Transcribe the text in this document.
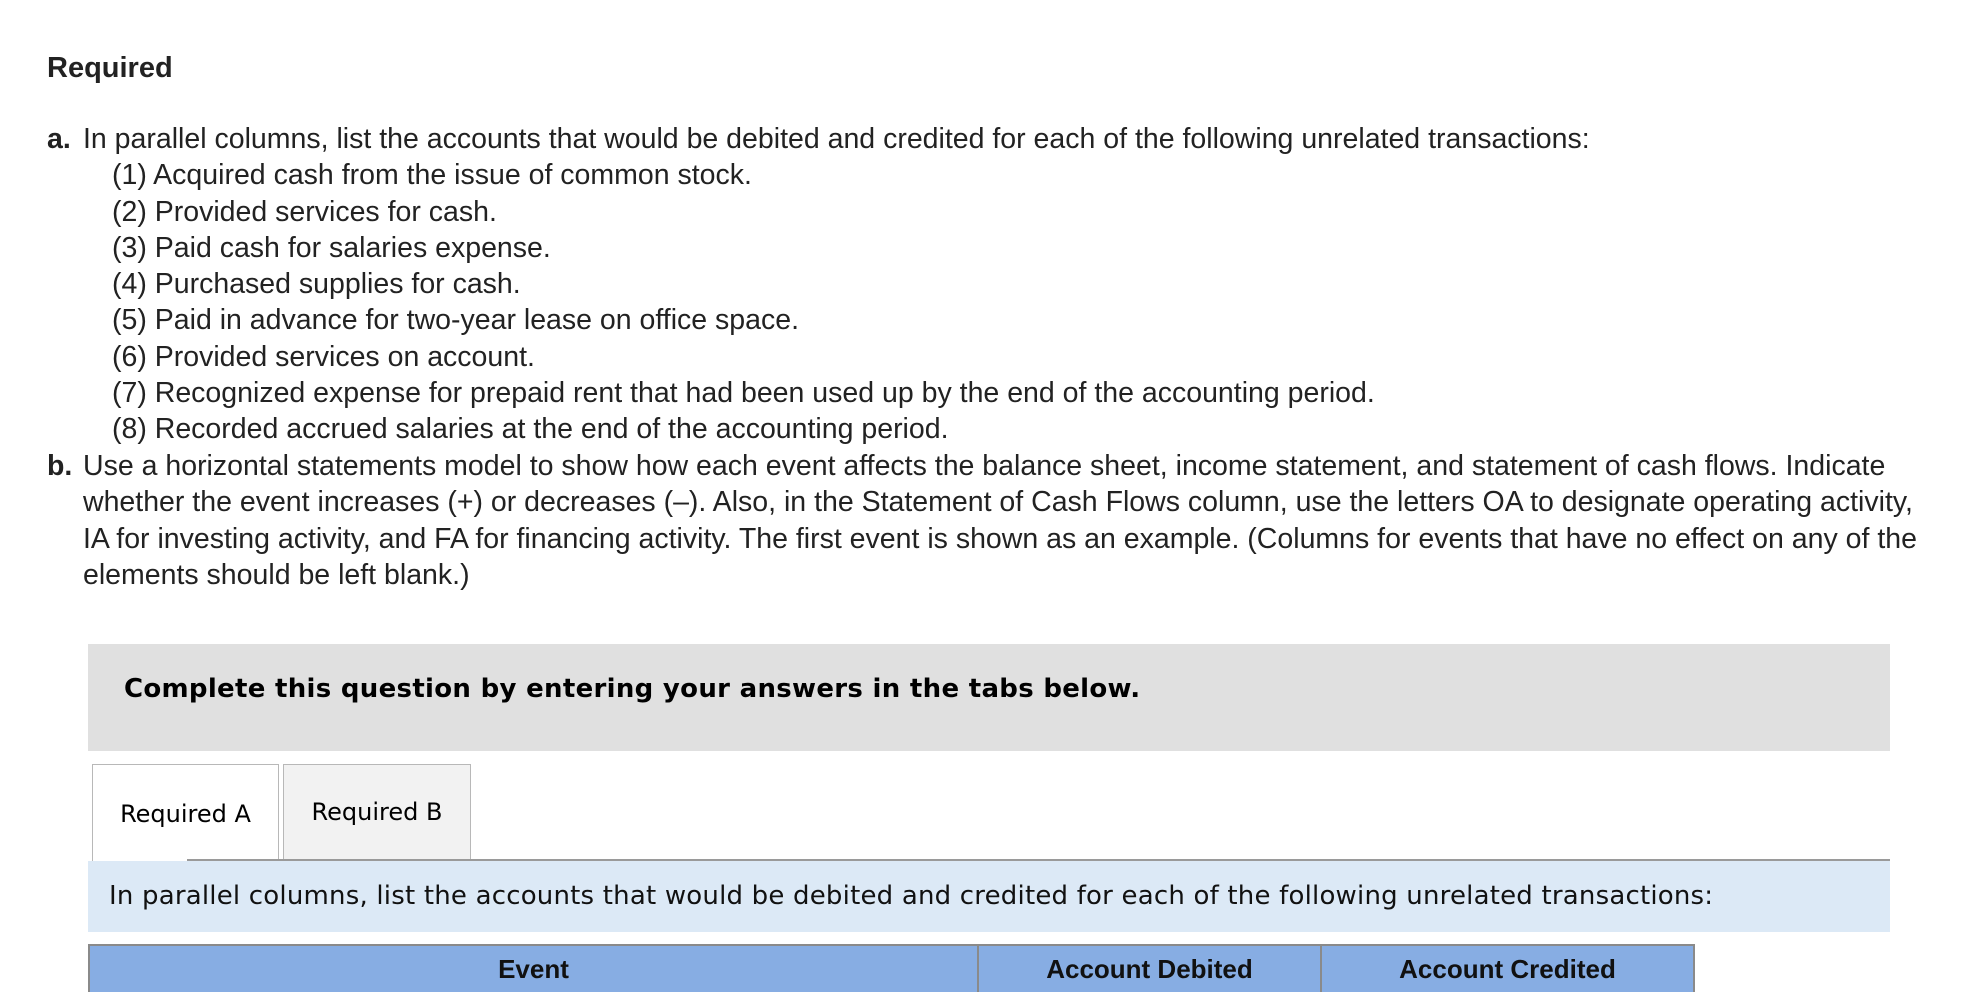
Required
a. In parallel columns, list the accounts that would be debited and credited for each of the following unrelated transactions:
(1) Acquired cash from the issue of common stock.
(2) Provided services for cash.
(3) Paid cash for salaries expense.
(4) Purchased supplies for cash.
(5) Paid in advance for two-year lease on office space.
(6) Provided services on account.
(7) Recognized expense for prepaid rent that had been used up by the end of the accounting period.
(8) Recorded accrued salaries at the end of the accounting period.
b. Use a horizontal statements model to show how each event affects the balance sheet, income statement, and statement of cash flows. Indicate whether the event increases (+) or decreases (–). Also, in the Statement of Cash Flows column, use the letters OA to designate operating activity, IA for investing activity, and FA for financing activity. The first event is shown as an example. (Columns for events that have no effect on any of the elements should be left blank.)
Complete this question by entering your answers in the tabs below.
Required A	Required B
In parallel columns, list the accounts that would be debited and credited for each of the following unrelated transactions:
Event	Account Debited	Account Credited
